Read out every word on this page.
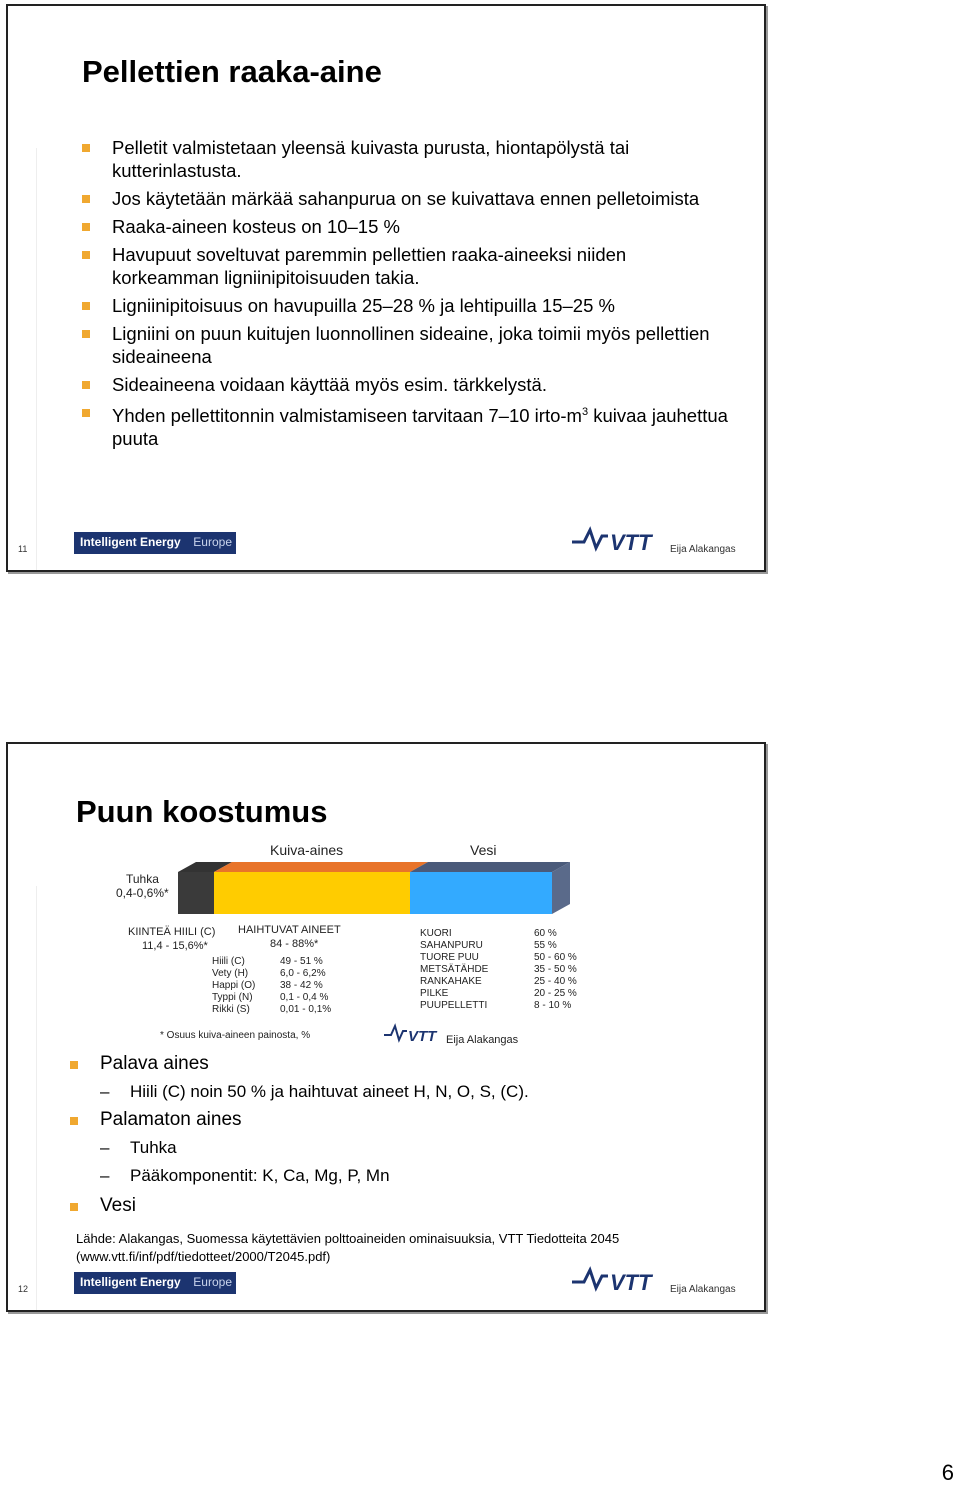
Pellettien raaka-aine
Pelletit valmistetaan yleensä kuivasta purusta, hiontapölystä tai kutterinlastusta.
Jos käytetään märkää sahanpurua on se kuivattava ennen pelletoimista
Raaka-aineen kosteus on 10–15 %
Havupuut soveltuvat paremmin pellettien raaka-aineeksi niiden korkeamman ligniinipitoisuuden takia.
Ligniinipitoisuus on havupuilla 25–28 % ja lehtipuilla 15–25 %
Ligniini on puun kuitujen luonnollinen sideaine, joka toimii myös pellettien sideaineena
Sideaineena voidaan käyttää myös esim. tärkkelystä.
Yhden pellettitonnin valmistamiseen tarvitaan 7–10 irto-$m^3$ kuivaa jauhettua puuta
11	Intelligent Energy Europe	VTT Eija Alakangas
Puun koostumus
Kuiva-aines	Vesi
Tuhka
0,4-0,6%*
KIINTEÄ HIILI (C)
11,4 - 15,6%*
HAIHTUVAT AINEET
84 - 88%*
Hiili (C)	49 - 51 %
Vety (H)	6,0 - 6,2%
Happi (O) 38 - 42 %
Typpi (N)	0,1 - 0,4 %
Rikki (S)	0,01 - 0,1%
KUORI	60 %
SAHANPURU	55 %
TUORE PUU	50 - 60 %
METSÄTÄHDE	35 - 50 %
RANKAHAKE	25 - 40 %
PILKE	20 - 25 %
PUUPELLETTI	8 - 10 %
* Osuus kuiva-aineen painosta, %	VTT Eija Alakangas
Palava aines
– Hiili (C) noin 50 % ja haihtuvat aineet H, N, O, S, (C).
Palamaton aines
– Tuhka
– Pääkomponentit: K, Ca, Mg, P, Mn
Vesi
Lähde: Alakangas, Suomessa käytettävien polttoaineiden ominaisuuksia, VTT Tiedotteita 2045 (www.vtt.fi/inf/pdf/tiedotteet/2000/T2045.pdf)
12	Intelligent Energy Europe	VTT Eija Alakangas
6
